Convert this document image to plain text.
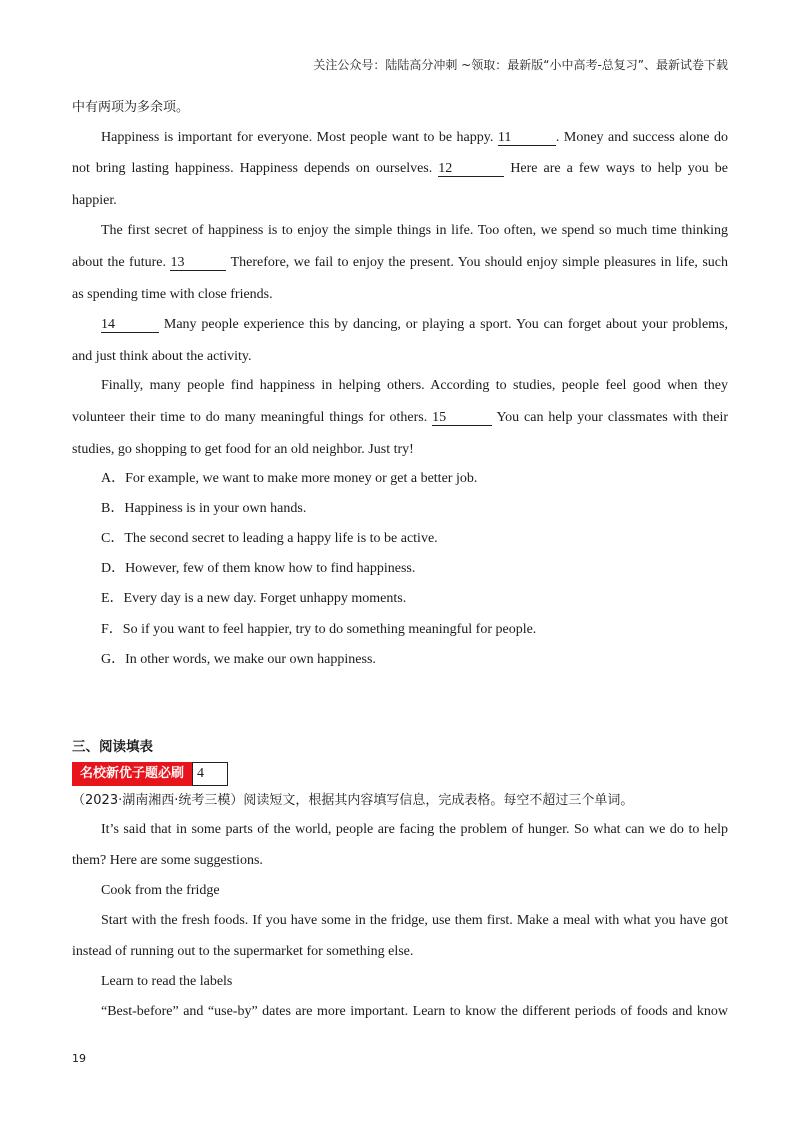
关注公众号：陆陆高分冲刺 ~领取：最新版“小中高考-总复习”、最新试卷下载
中有两项为多余项。
Happiness is important for everyone. Most people want to be happy. 11	. Money and success alone do
not bring lasting happiness. Happiness depends on ourselves. 12	Here are a few ways to help you be
happier.
The first secret of happiness is to enjoy the simple things in life. Too often, we spend so much time thinking
about the future. 13	Therefore, we fail to enjoy the present. You should enjoy simple pleasures in life, such
as spending time with close friends.
14	Many people experience this by dancing, or playing a sport. You can forget about your problems,
and just think about the activity.
Finally, many people find happiness in helping others. According to studies, people feel good when they
volunteer their time to do many meaningful things for others. 15	You can help your classmates with their
studies, go shopping to get food for an old neighbor. Just try!
A．For example, we want to make more money or get a better job.
B．Happiness is in your own hands.
C．The second secret to leading a happy life is to be active.
D．However, few of them know how to find happiness.
E．Every day is a new day. Forget unhappy moments.
F．So if you want to feel happier, try to do something meaningful for people.
G．In other words, we make our own happiness.
三、阅读填表
名校新优子题必刷 4
（2023·湖南湘西·统考三模）阅读短文，根据其内容填写信息，完成表格。每空不超过三个单词。
It’s said that in some parts of the world, people are facing the problem of hunger. So what can we do to help
them? Here are some suggestions.
Cook from the fridge
Start with the fresh foods. If you have some in the fridge, use them first. Make a meal with what you have got
instead of running out to the supermarket for something else.
Learn to read the labels
“Best-before” and “use-by” dates are more important. Learn to know the different periods of foods and know
19
